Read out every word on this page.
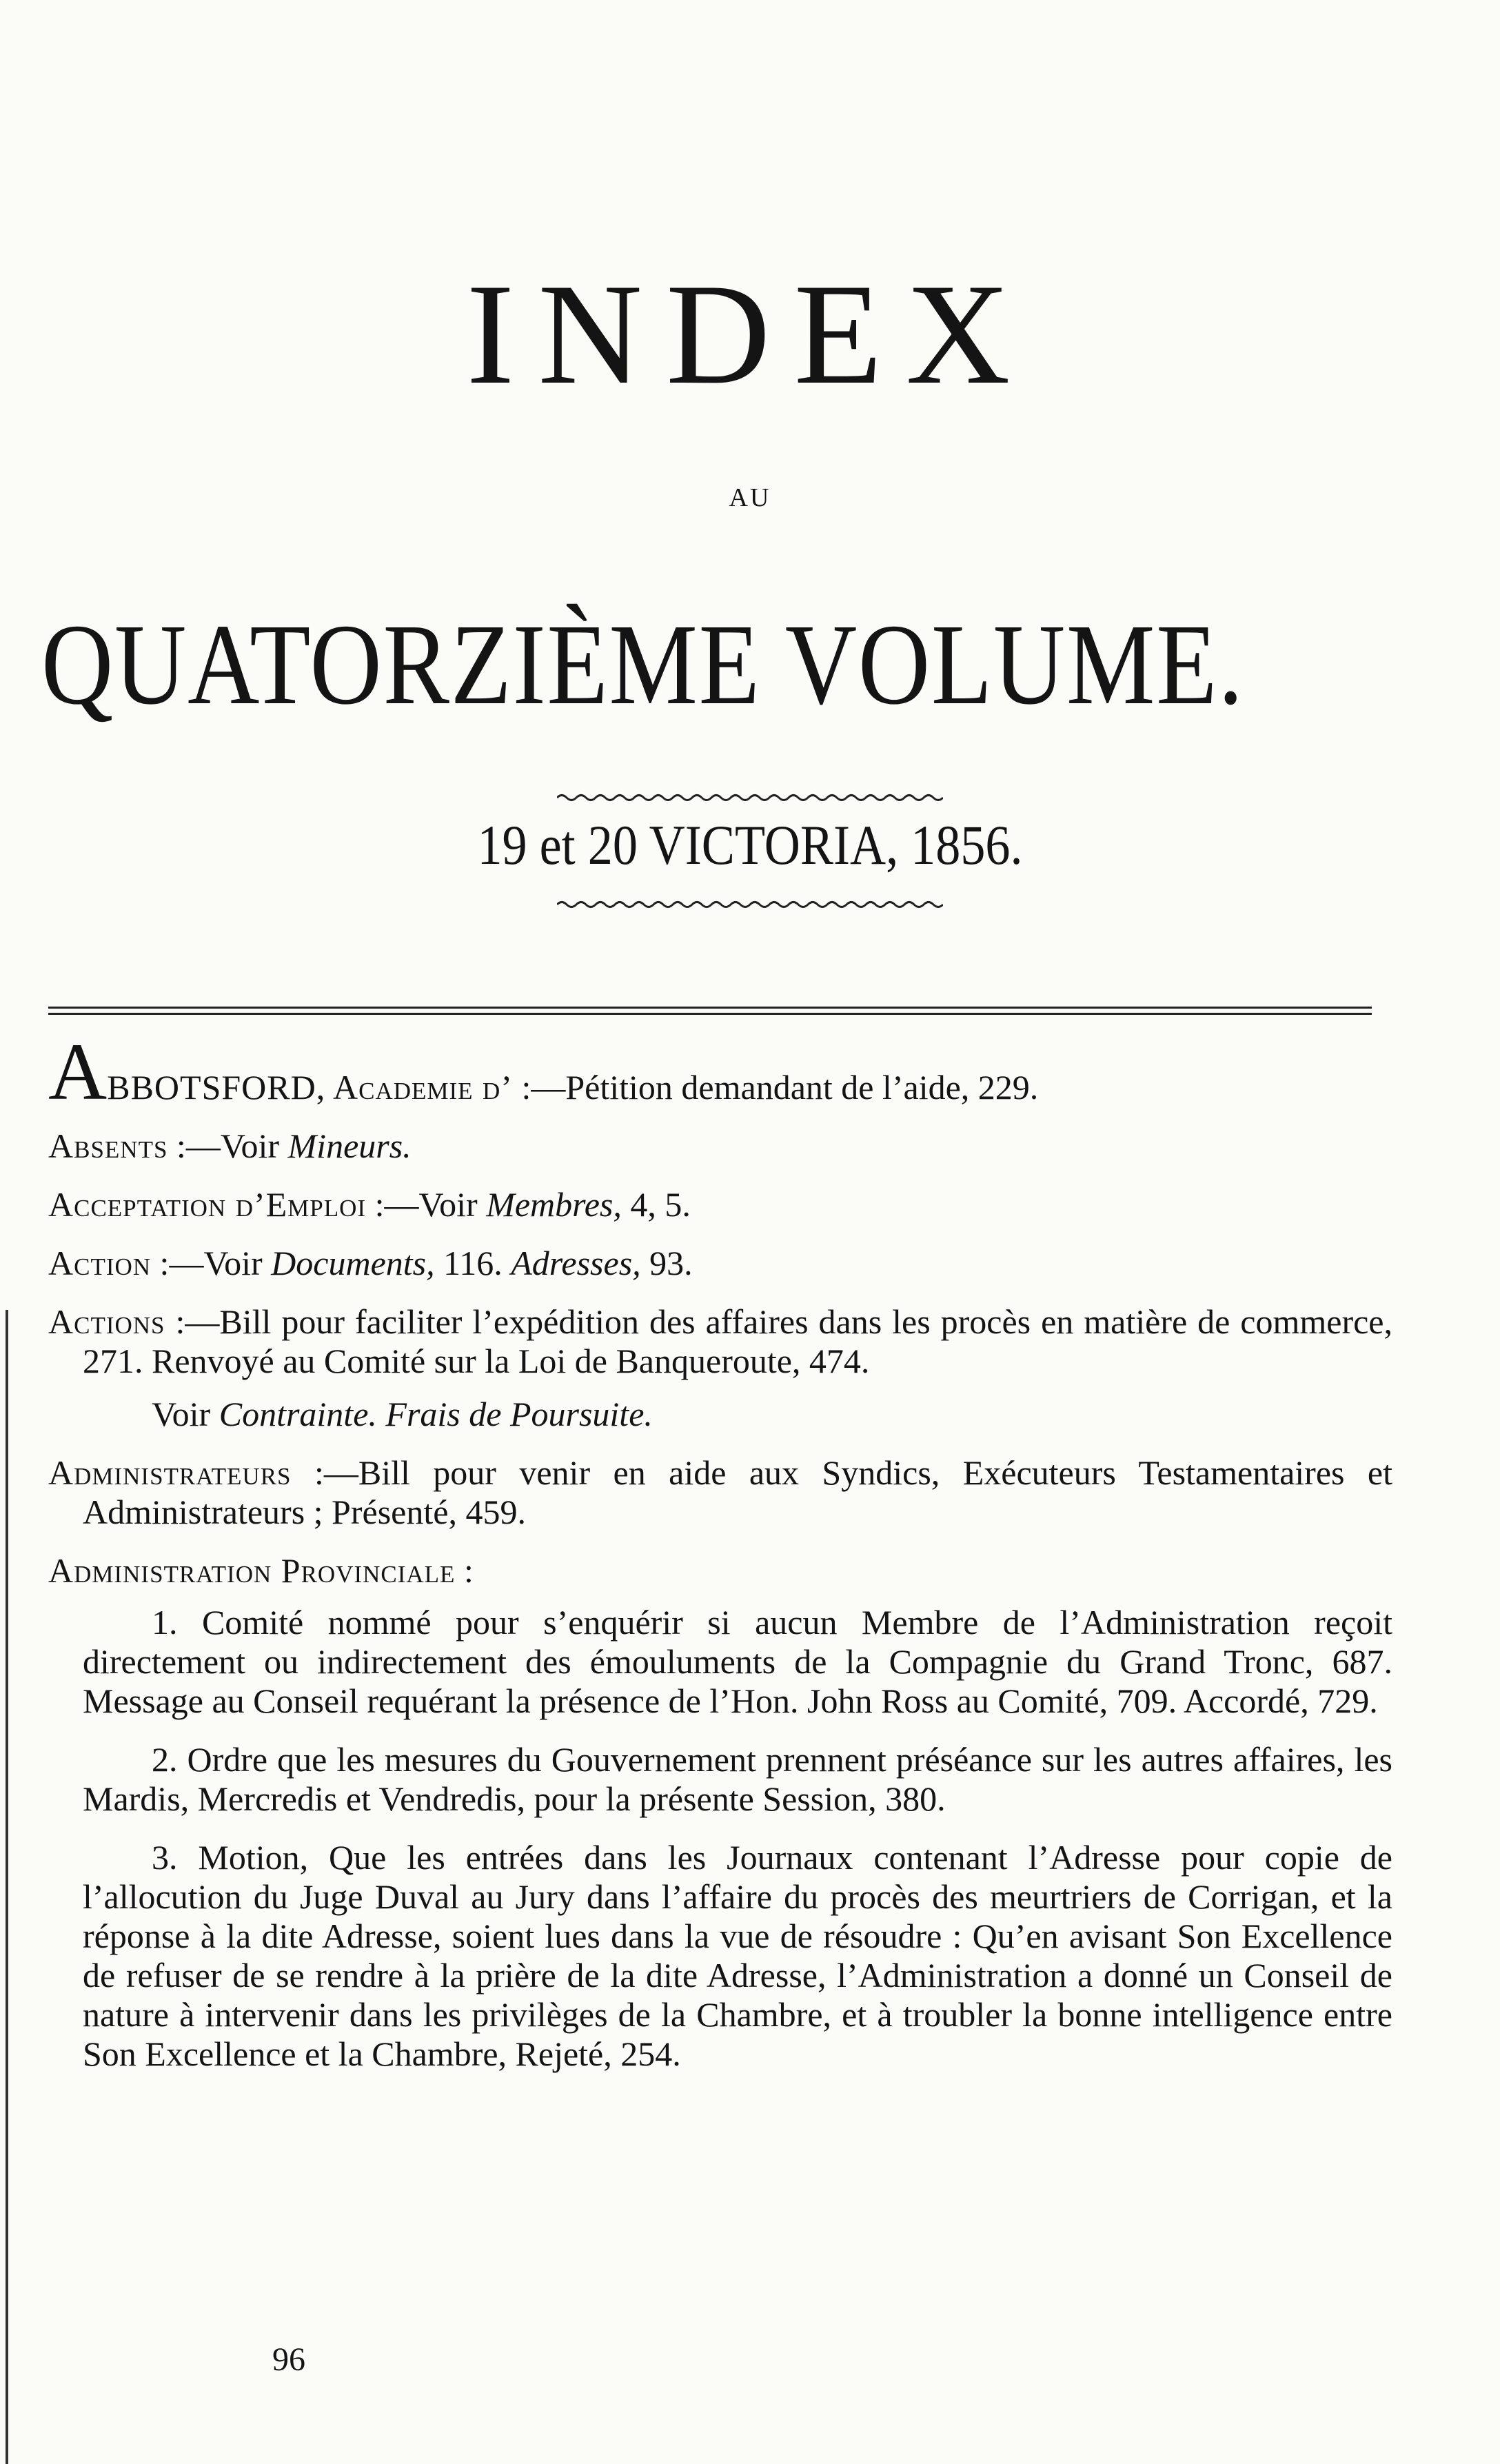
INDEX
AU
QUATORZIÈME VOLUME.
19 et 20 VICTORIA, 1856.

ABBOTSFORD, Academie d’ :—Pétition demandant de l’aide, 229.

Absents :—Voir Mineurs.

Acceptation d’Emploi :—Voir Membres, 4, 5.

Action :—Voir Documents, 116. Adresses, 93.

Actions :—Bill pour faciliter l’expédition des affaires dans les procès en matière de commerce, 271. Renvoyé au Comité sur la Loi de Banqueroute, 474.

Voir Contrainte. Frais de Poursuite.

Administrateurs :—Bill pour venir en aide aux Syndics, Exécuteurs Testamentaires et Administrateurs ; Présenté, 459.

Administration Provinciale :

1. Comité nommé pour s’enquérir si aucun Membre de l’Administration reçoit directement ou indirectement des émouluments de la Compagnie du Grand Tronc, 687. Message au Conseil requérant la présence de l’Hon. John Ross au Comité, 709. Accordé, 729.

2. Ordre que les mesures du Gouvernement prennent préséance sur les autres affaires, les Mardis, Mercredis et Vendredis, pour la présente Session, 380.

3. Motion, Que les entrées dans les Journaux contenant l’Adresse pour copie de l’allocution du Juge Duval au Jury dans l’affaire du procès des meurtriers de Corrigan, et la réponse à la dite Adresse, soient lues dans la vue de résoudre : Qu’en avisant Son Excellence de refuser de se rendre à la prière de la dite Adresse, l’Administration a donné un Conseil de nature à intervenir dans les privilèges de la Chambre, et à troubler la bonne intelligence entre Son Excellence et la Chambre, Rejeté, 254.

96
